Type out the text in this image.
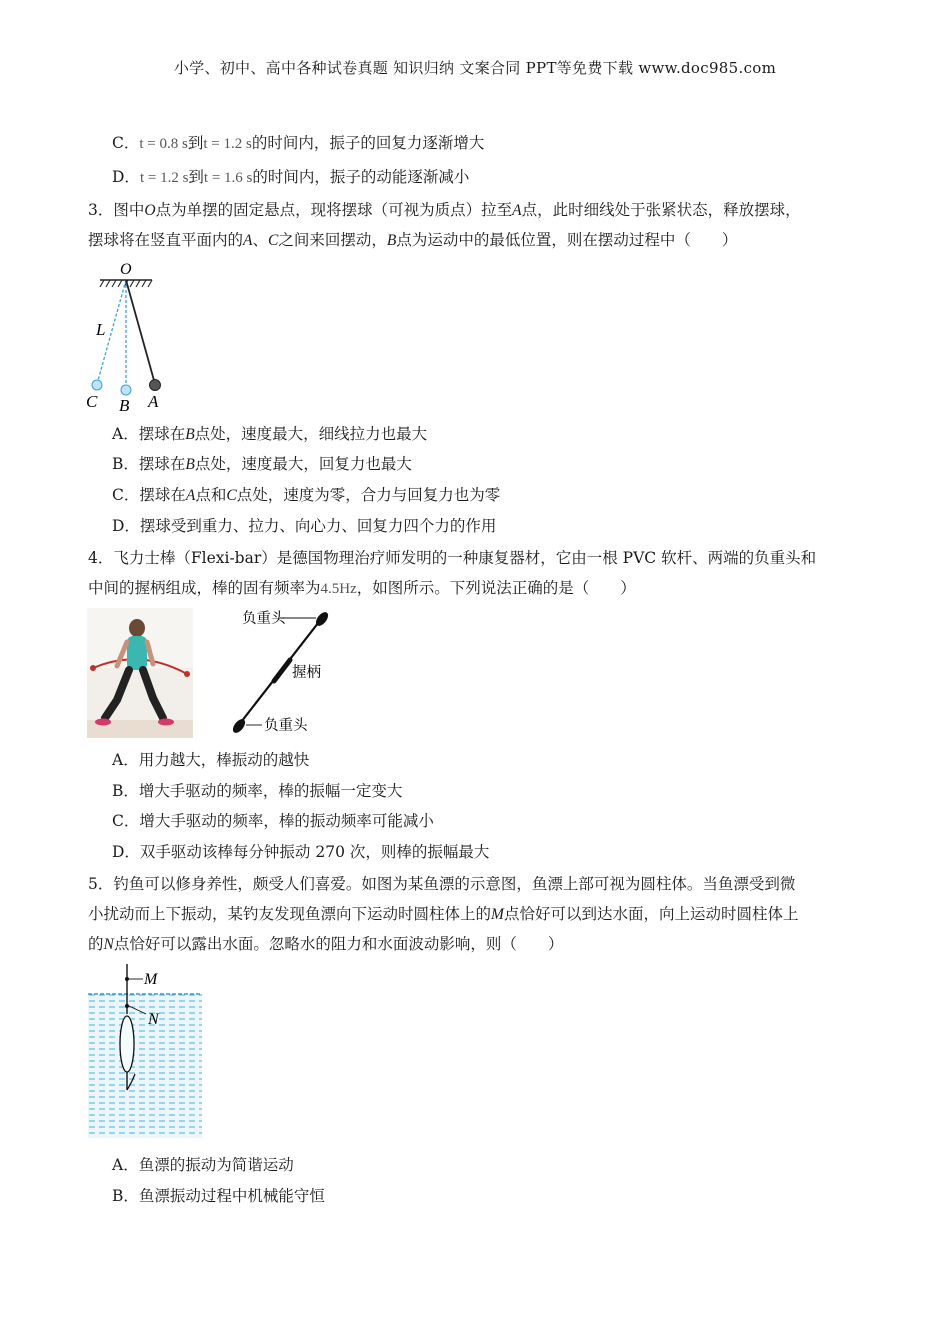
小学、初中、高中各种试卷真题 知识归纳 文案合同 PPT等免费下载 www.doc985.com
C．t = 0.8 s到t = 1.2 s的时间内，振子的回复力逐渐增大
D．t = 1.2 s到t = 1.6 s的时间内，振子的动能逐渐减小
3．图中O点为单摆的固定悬点，现将摆球（可视为质点）拉至A点，此时细线处于张紧状态，释放摆球，
摆球将在竖直平面内的A、C之间来回摆动，B点为运动中的最低位置，则在摆动过程中（　　）
O
L
C B A
A．摆球在B点处，速度最大，细线拉力也最大
B．摆球在B点处，速度最大，回复力也最大
C．摆球在A点和C点处，速度为零，合力与回复力也为零
D．摆球受到重力、拉力、向心力、回复力四个力的作用
4．飞力士棒（Flexi-bar）是德国物理治疗师发明的一种康复器材，它由一根 PVC 软杆、两端的负重头和
中间的握柄组成，棒的固有频率为4.5Hz，如图所示。下列说法正确的是（　　）
负重头
握柄
负重头
A．用力越大，棒振动的越快
B．增大手驱动的频率，棒的振幅一定变大
C．增大手驱动的频率，棒的振动频率可能减小
D．双手驱动该棒每分钟振动 270 次，则棒的振幅最大
5．钓鱼可以修身养性，颇受人们喜爱。如图为某鱼漂的示意图，鱼漂上部可视为圆柱体。当鱼漂受到微
小扰动而上下振动，某钓友发现鱼漂向下运动时圆柱体上的M点恰好可以到达水面，向上运动时圆柱体上
的N点恰好可以露出水面。忽略水的阻力和水面波动影响，则（　　）
M
N
A．鱼漂的振动为简谐运动
B．鱼漂振动过程中机械能守恒
